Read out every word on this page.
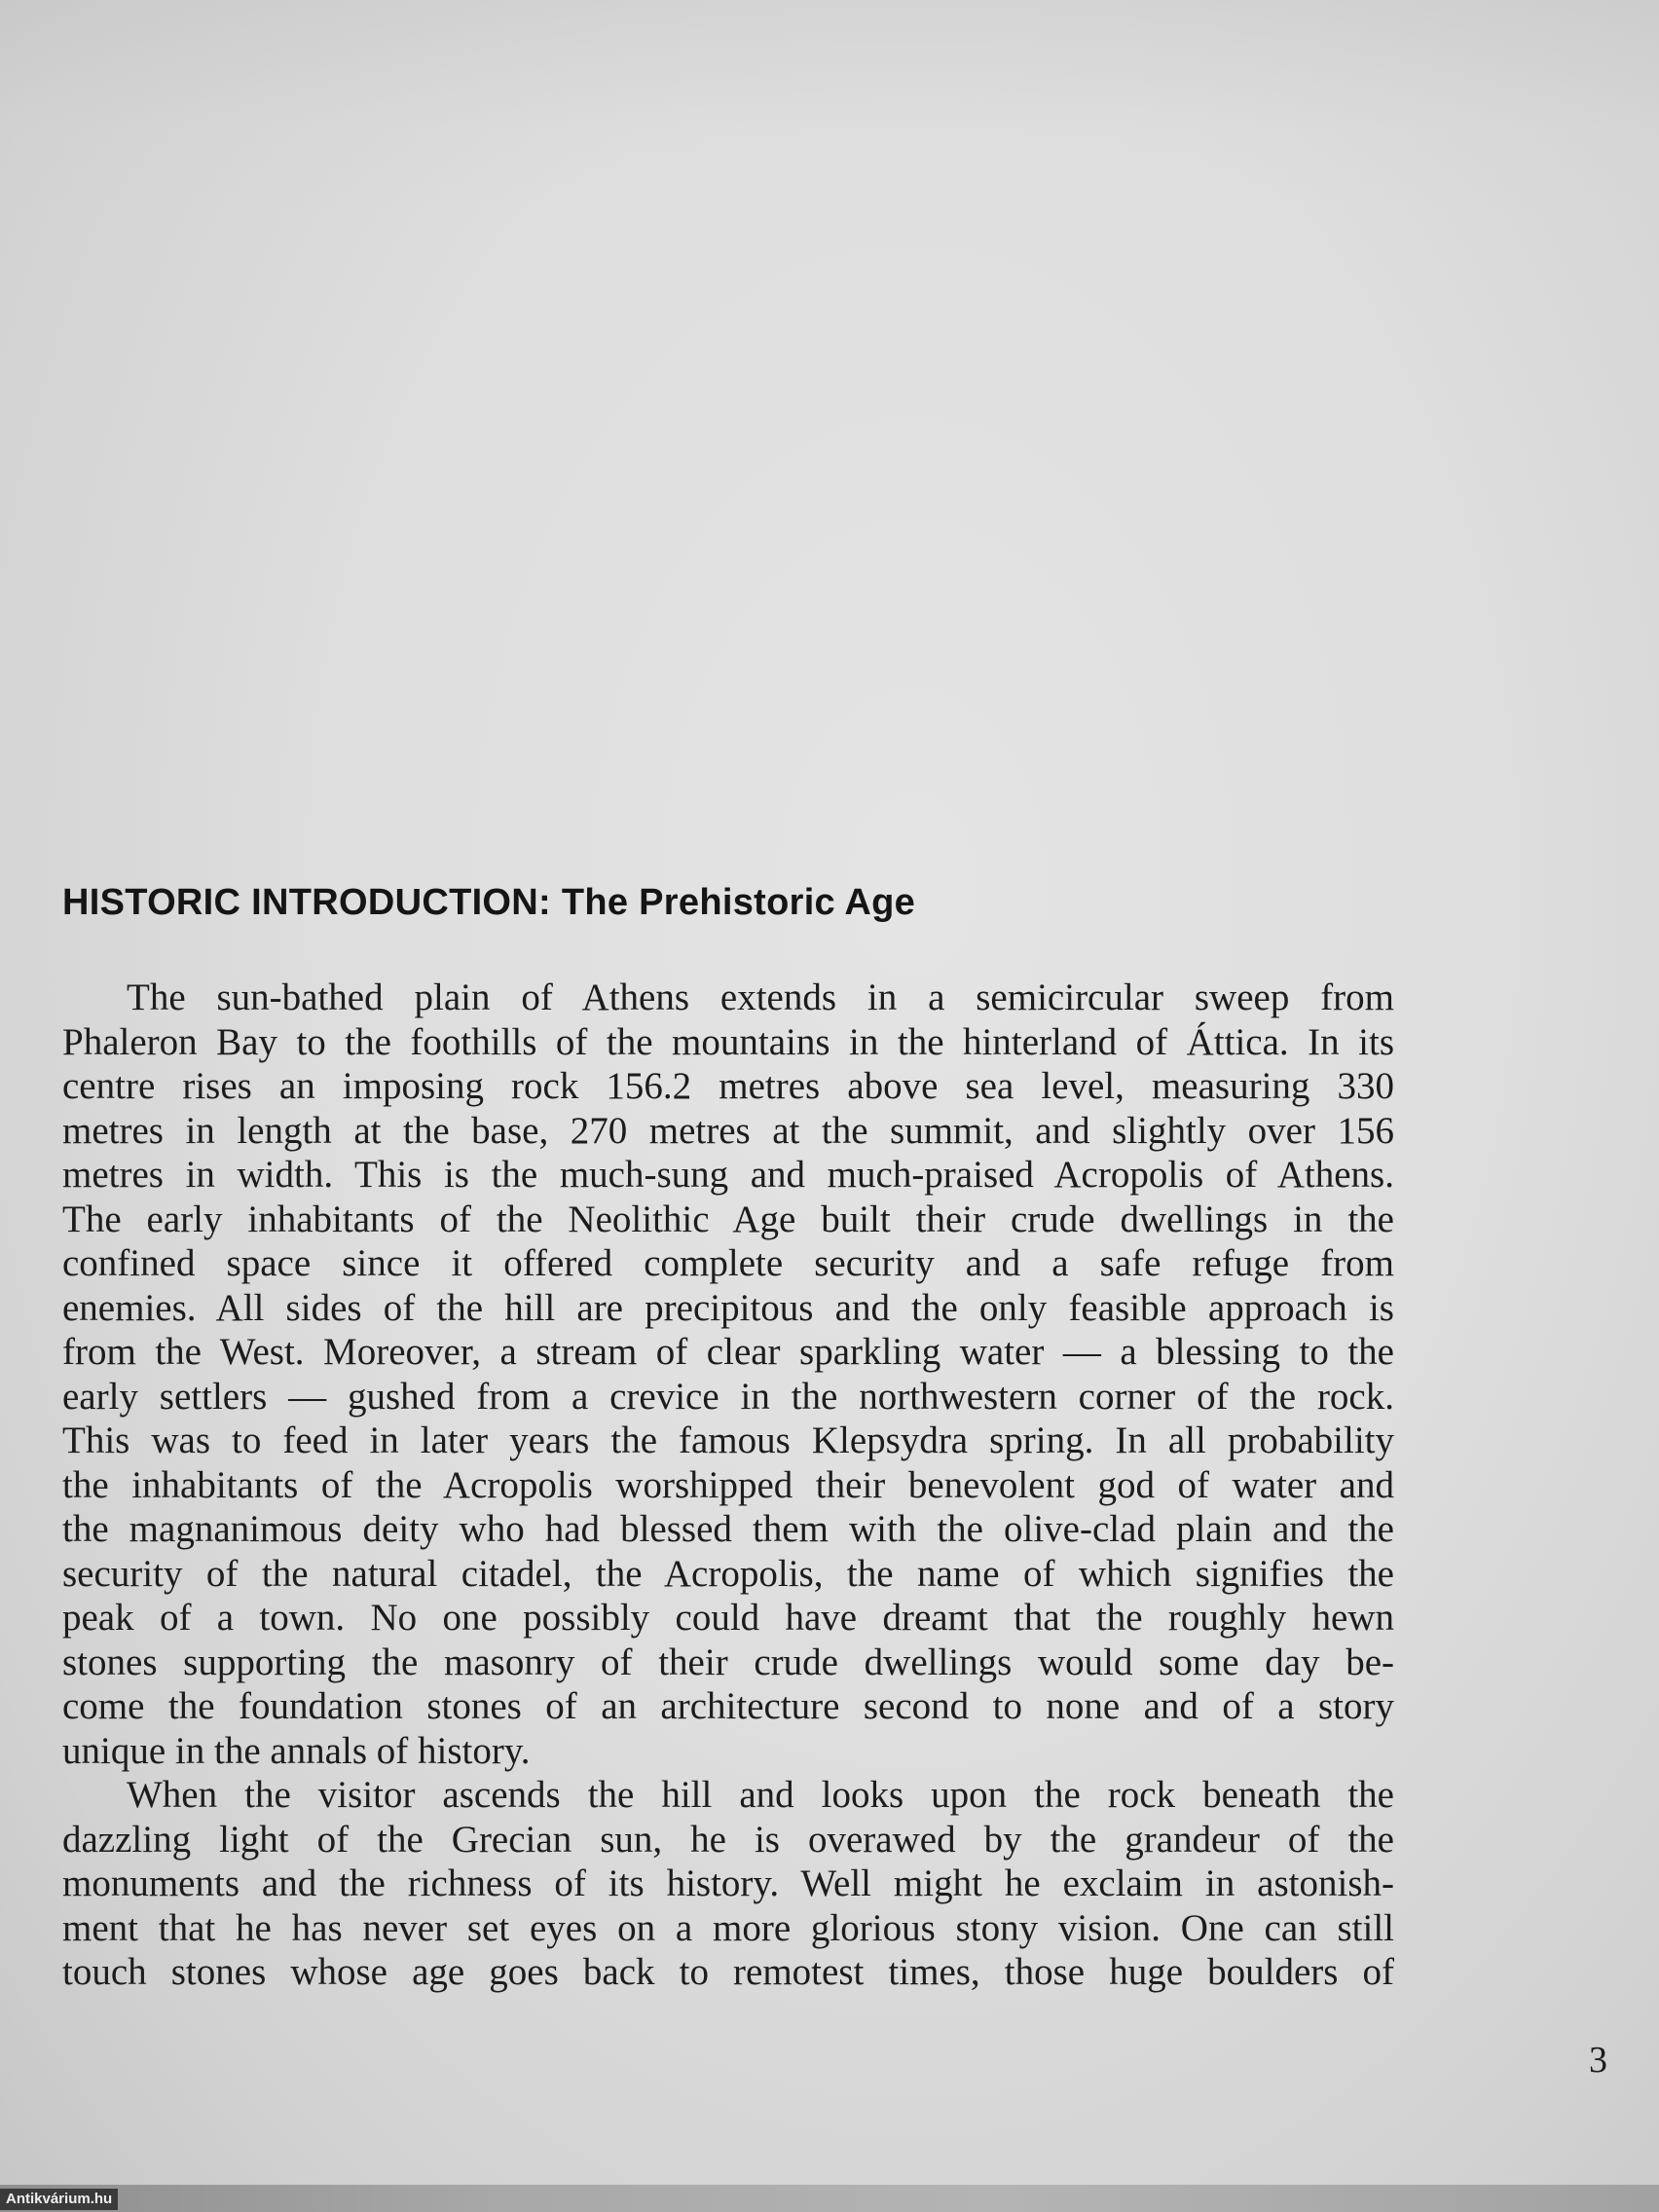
HISTORIC INTRODUCTION: The Prehistoric Age
The sun-bathed plain of Athens extends in a semicircular sweep from
Phaleron Bay to the foothills of the mountains in the hinterland of Áttica. In its
centre rises an imposing rock 156.2 metres above sea level, measuring 330
metres in length at the base, 270 metres at the summit, and slightly over 156
metres in width. This is the much-sung and much-praised Acropolis of Athens.
The early inhabitants of the Neolithic Age built their crude dwellings in the
confined space since it offered complete security and a safe refuge from
enemies. All sides of the hill are precipitous and the only feasible approach is
from the West. Moreover, a stream of clear sparkling water — a blessing to the
early settlers — gushed from a crevice in the northwestern corner of the rock.
This was to feed in later years the famous Klepsydra spring. In all probability
the inhabitants of the Acropolis worshipped their benevolent god of water and
the magnanimous deity who had blessed them with the olive-clad plain and the
security of the natural citadel, the Acropolis, the name of which signifies the
peak of a town. No one possibly could have dreamt that the roughly hewn
stones supporting the masonry of their crude dwellings would some day be-
come the foundation stones of an architecture second to none and of a story
unique in the annals of history.
When the visitor ascends the hill and looks upon the rock beneath the
dazzling light of the Grecian sun, he is overawed by the grandeur of the
monuments and the richness of its history. Well might he exclaim in astonish-
ment that he has never set eyes on a more glorious stony vision. One can still
touch stones whose age goes back to remotest times, those huge boulders of
3
Antikvárium.hu
